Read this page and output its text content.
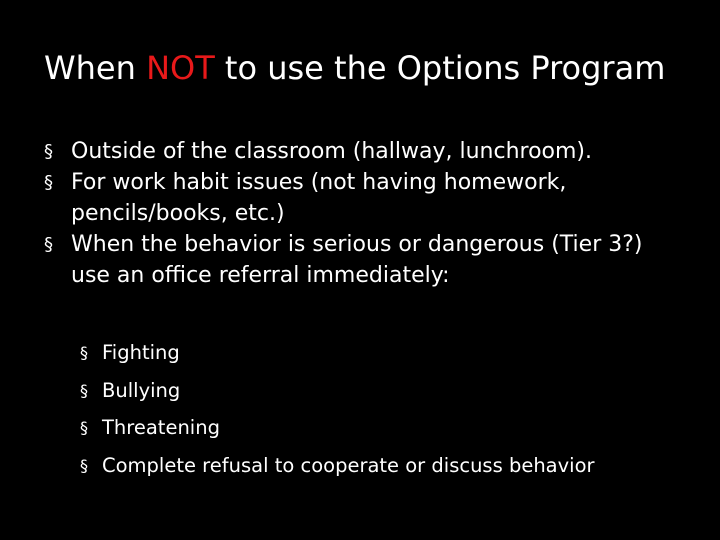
When NOT to use the Options Program
§ Outside of the classroom (hallway, lunchroom).
§ For work habit issues (not having homework, pencils/books, etc.)
§ When the behavior is serious or dangerous (Tier 3?) use an office referral immediately:
§ Fighting
§ Bullying
§ Threatening
§ Complete refusal to cooperate or discuss behavior
